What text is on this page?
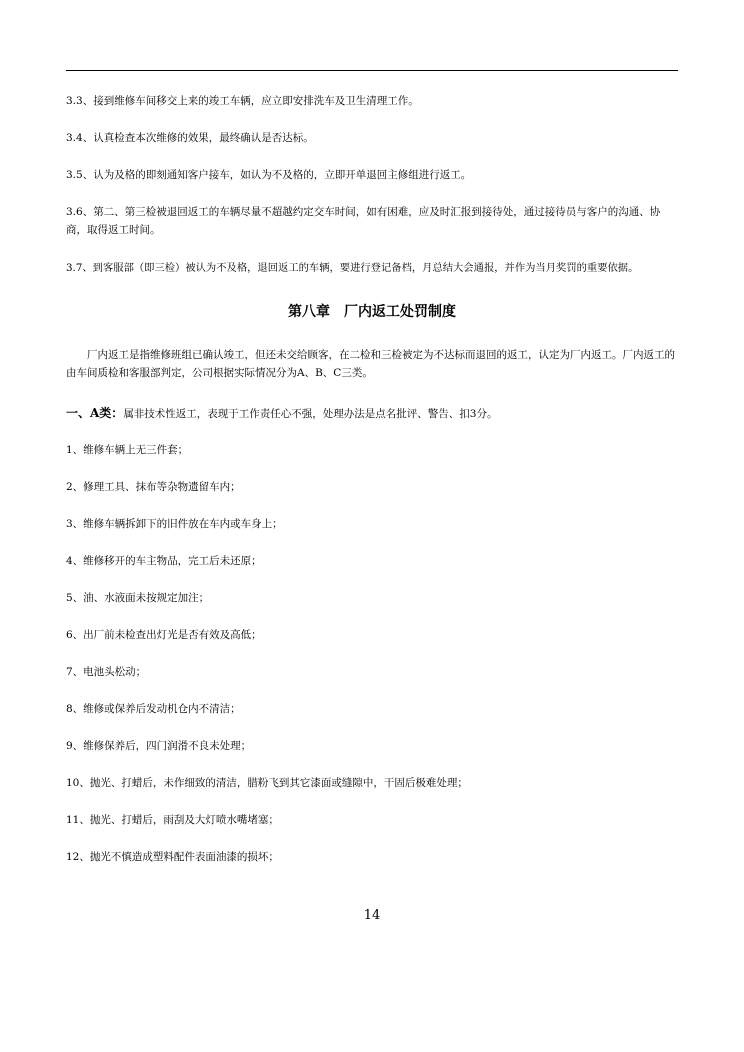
3.3、接到维修车间移交上来的竣工车辆，应立即安排洗车及卫生清理工作。
3.4、认真检查本次维修的效果，最终确认是否达标。
3.5、认为及格的即刻通知客户接车，如认为不及格的，立即开单退回主修组进行返工。
3.6、第二、第三检被退回返工的车辆尽量不超越约定交车时间，如有困难，应及时汇报到接待处，通过接待员与客户的沟通、协商，取得返工时间。
3.7、到客服部（即三检）被认为不及格，退回返工的车辆，要进行登记备档，月总结大会通报，并作为当月奖罚的重要依据。
第八章 厂内返工处罚制度
厂内返工是指维修班组已确认竣工，但还未交给顾客，在二检和三检被定为不达标而退回的返工，认定为厂内返工。厂内返工的由车间质检和客服部判定，公司根据实际情况分为A、B、C三类。
一、A类：属非技术性返工，表现于工作责任心不强，处理办法是点名批评、警告、扣3分。
1、维修车辆上无三件套；
2、修理工具、抹布等杂物遗留车内；
3、维修车辆拆卸下的旧件放在车内或车身上；
4、维修移开的车主物品，完工后未还原；
5、油、水液面未按规定加注；
6、出厂前未检查出灯光是否有效及高低；
7、电池头松动；
8、维修或保养后发动机仓内不清洁；
9、维修保养后，四门润滑不良未处理；
10、抛光、打蜡后，未作细致的清洁，腊粉飞到其它漆面或缝隙中，干固后极难处理；
11、抛光、打蜡后，雨刮及大灯喷水嘴堵塞；
12、抛光不慎造成塑料配件表面油漆的损坏；
14
